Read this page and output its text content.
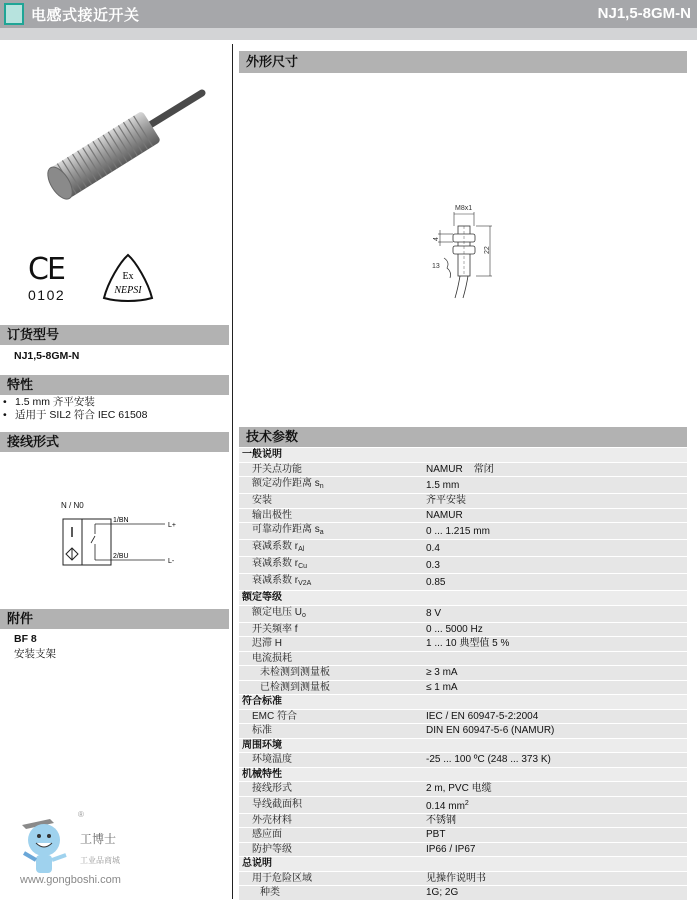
电感式接近开关	NJ1,5-8GM-N
CE
0102
Ex
NEPSI
订货型号
NJ1,5-8GM-N
特性
• 1.5 mm 齐平安装
• 适用于 SIL2 符合 IEC 61508
接线形式
N / N0
1/BN
2/BU
L+
L-
附件
BF 8
安装支架
®
工博士
工业品商城
www.gongboshi.com
外形尺寸
M8x1
22
4
13
技术参数
一般说明	
开关点功能	NAMUR    常闭
额定动作距离 $s_n$	1.5 mm
安装	齐平安装
输出极性	NAMUR
可靠动作距离 $s_a$	0 ... 1.215 mm
衰减系数 $r_{Al}$	0.4
衰减系数 $r_{Cu}$	0.3
衰减系数 $r_{V2A}$	0.85
额定等级	
额定电压 $U_o$	8 V
开关频率 f	0 ... 5000 Hz
迟滞 H	1 ... 10 典型值 5 %
电流损耗	
未检测到测量板	≥ 3 mA
已检测到测量板	≤ 1 mA
符合标准	
EMC 符合	IEC / EN 60947-5-2:2004
标准	DIN EN 60947-5-6 (NAMUR)
周围环境	
环境温度	-25 ... 100 ºC (248 ... 373 K)
机械特性	
接线形式	2 m, PVC 电缆
导线截面积	0.14 $mm^2$
外壳材料	不锈钢
感应面	PBT
防护等级	IP66 / IP67
总说明	
用于危险区域	见操作说明书
种类	1G; 2G
